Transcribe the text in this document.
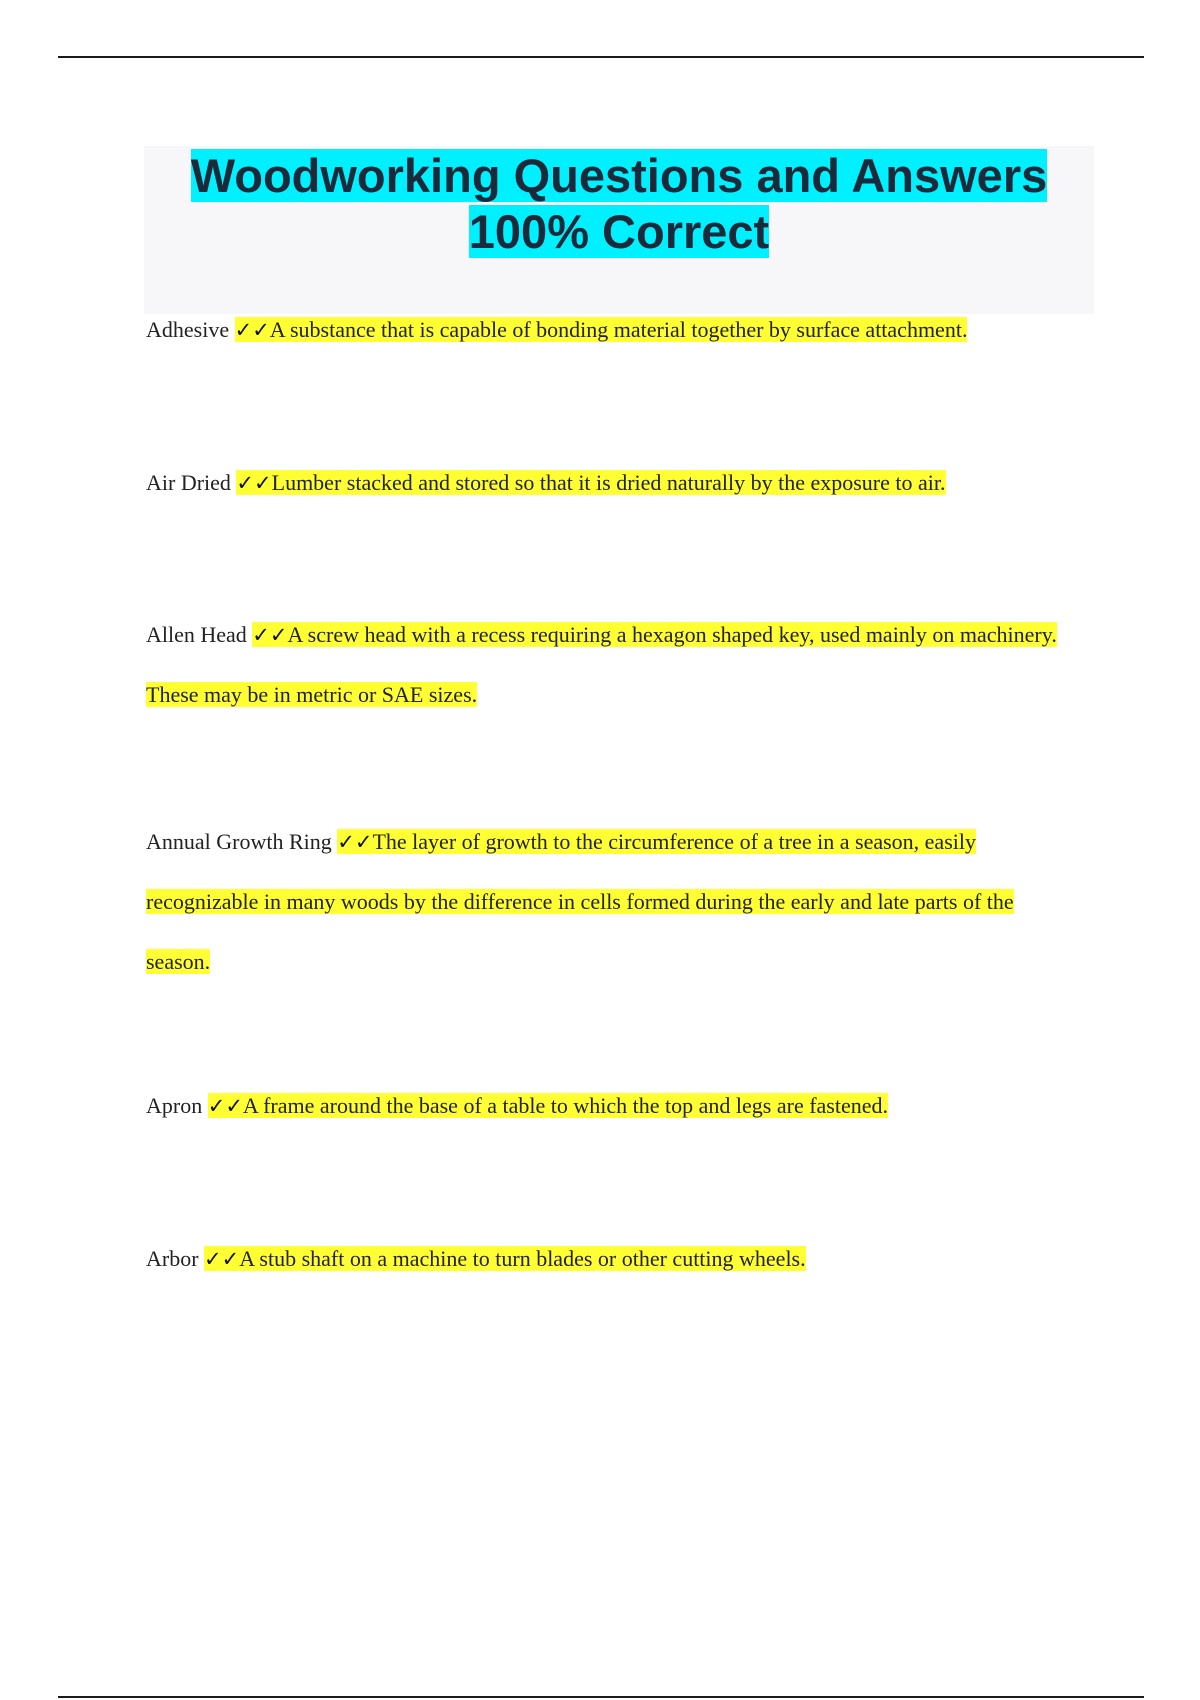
Woodworking Questions and Answers
100% Correct
Adhesive ✓✓A substance that is capable of bonding material together by surface attachment.
Air Dried ✓✓Lumber stacked and stored so that it is dried naturally by the exposure to air.
Allen Head ✓✓A screw head with a recess requiring a hexagon shaped key, used mainly on machinery. These may be in metric or SAE sizes.
Annual Growth Ring ✓✓The layer of growth to the circumference of a tree in a season, easily recognizable in many woods by the difference in cells formed during the early and late parts of the season.
Apron ✓✓A frame around the base of a table to which the top and legs are fastened.
Arbor ✓✓A stub shaft on a machine to turn blades or other cutting wheels.
